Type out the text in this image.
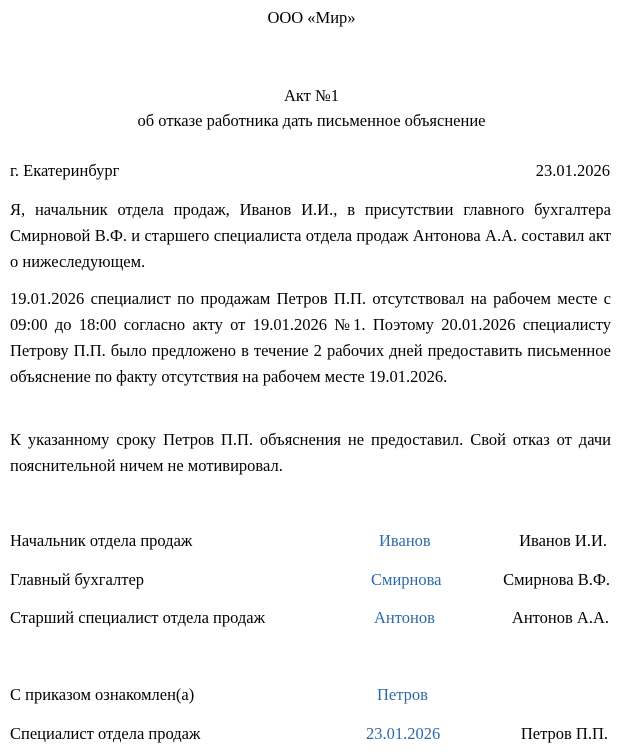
ООО «Мир»
Акт №1
об отказе работника дать письменное объяснение
г. Екатеринбург	23.01.2026
Я, начальник отдела продаж, Иванов И.И., в присутствии главного бухгалтера Смирновой В.Ф. и старшего специалиста отдела продаж Антонова А.А. составил акт о нижеследующем.
19.01.2026 специалист по продажам Петров П.П. отсутствовал на рабочем месте с 09:00 до 18:00 согласно акту от 19.01.2026 №1. Поэтому 20.01.2026 специалисту Петрову П.П. было предложено в течение 2 рабочих дней предоставить письменное объяснение по факту отсутствия на рабочем месте 19.01.2026.
К указанному сроку Петров П.П. объяснения не предоставил. Свой отказ от дачи пояснительной ничем не мотивировал.
Начальник отдела продаж	Иванов	Иванов И.И.
Главный бухгалтер	Смирнова	Смирнова В.Ф.
Старший специалист отдела продаж	Антонов	Антонов А.А.
С приказом ознакомлен(а)	Петров
Специалист отдела продаж	23.01.2026	Петров П.П.
